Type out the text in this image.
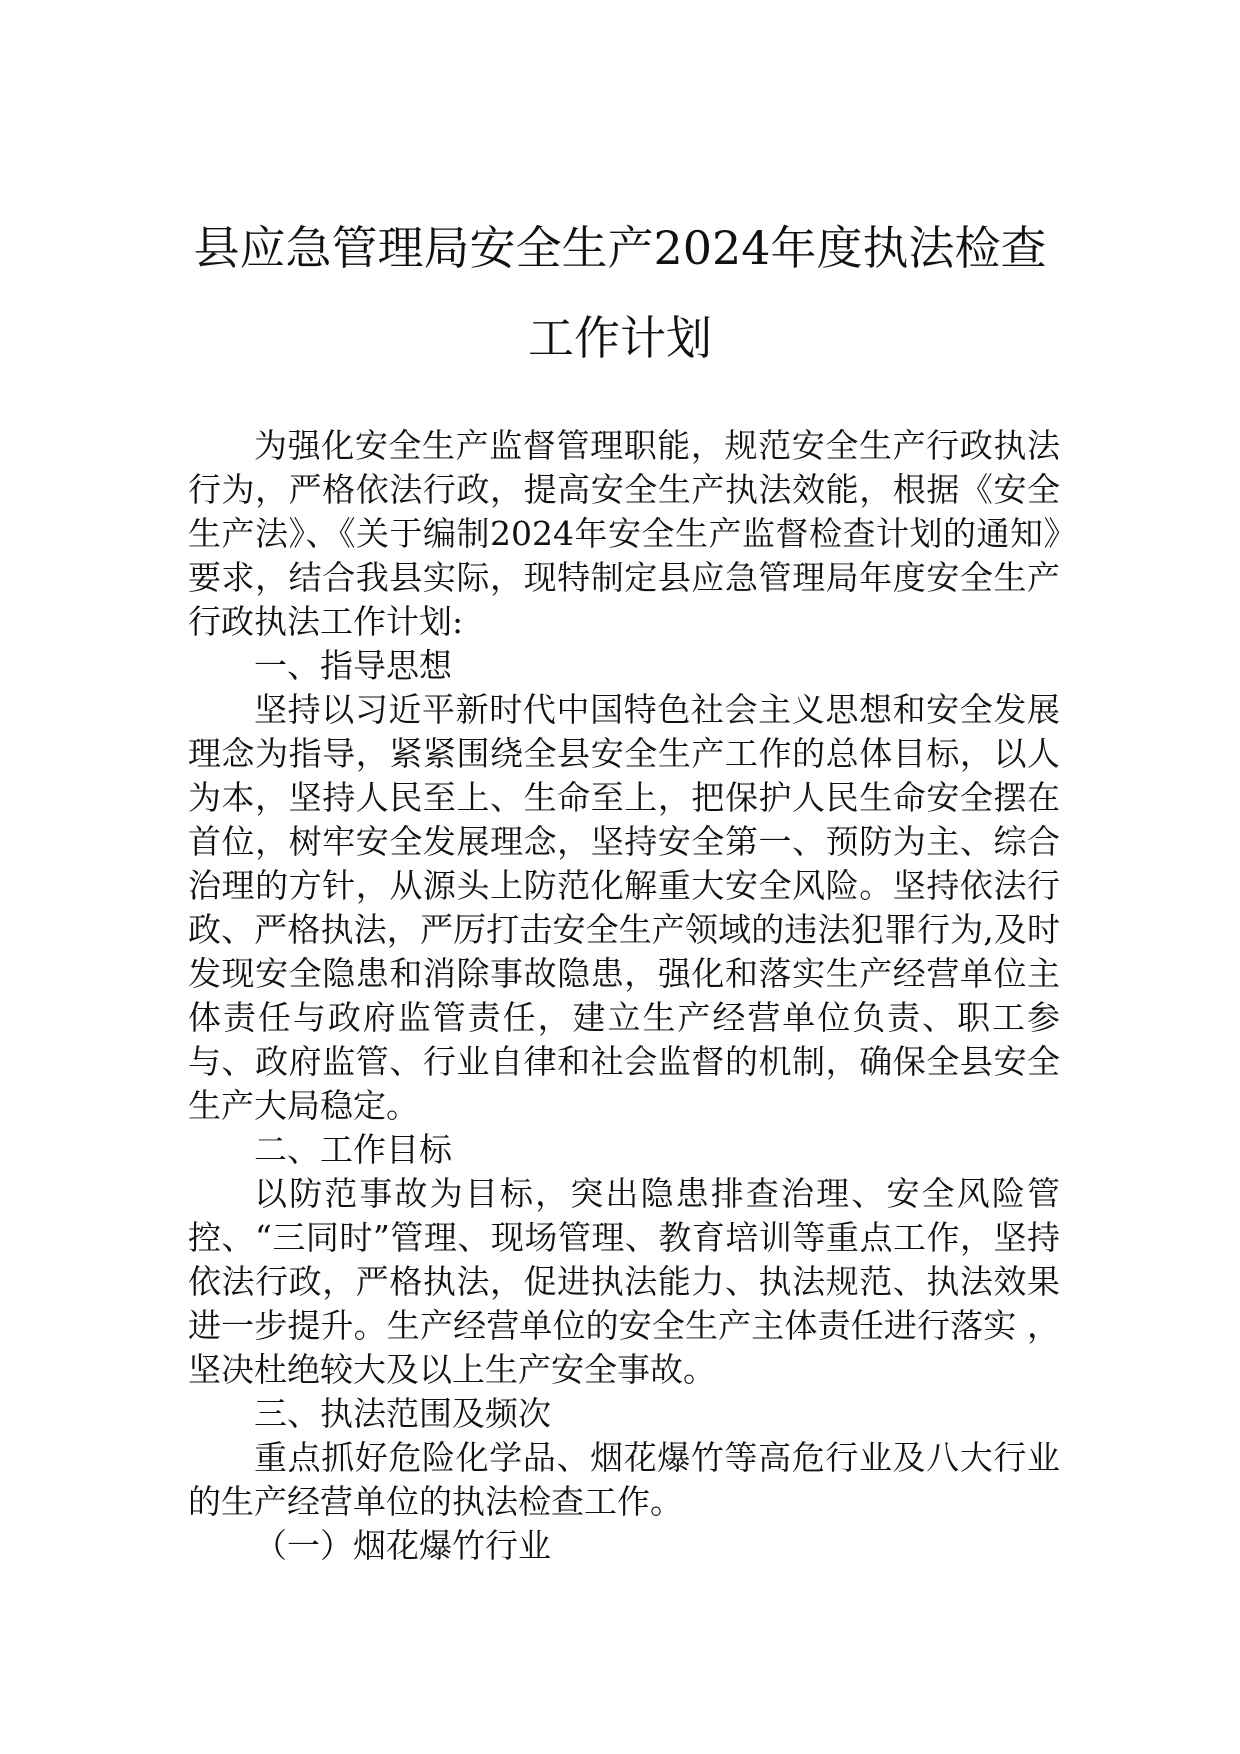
县应急管理局安全生产2024年度执法检查
工作计划

为强化安全生产监督管理职能，规范安全生产行政执法行为，严格依法行政，提高安全生产执法效能，根据《安全生产法》、《关于编制2024年安全生产监督检查计划的通知》要求，结合我县实际，现特制定县应急管理局年度安全生产行政执法工作计划:

一、指导思想

坚持以习近平新时代中国特色社会主义思想和安全发展理念为指导，紧紧围绕全县安全生产工作的总体目标，以人为本，坚持人民至上、生命至上，把保护人民生命安全摆在首位，树牢安全发展理念，坚持安全第一、预防为主、综合治理的方针，从源头上防范化解重大安全风险。坚持依法行政、严格执法，严厉打击安全生产领域的违法犯罪行为,及时发现安全隐患和消除事故隐患，强化和落实生产经营单位主体责任与政府监管责任，建立生产经营单位负责、职工参与、政府监管、行业自律和社会监督的机制，确保全县安全生产大局稳定。

二、工作目标

以防范事故为目标，突出隐患排查治理、安全风险管控、“三同时”管理、现场管理、教育培训等重点工作，坚持依法行政，严格执法，促进执法能力、执法规范、执法效果进一步提升。生产经营单位的安全生产主体责任进行落实 ，坚决杜绝较大及以上生产安全事故。

三、执法范围及频次

重点抓好危险化学品、烟花爆竹等高危行业及八大行业的生产经营单位的执法检查工作。

（一）烟花爆竹行业
